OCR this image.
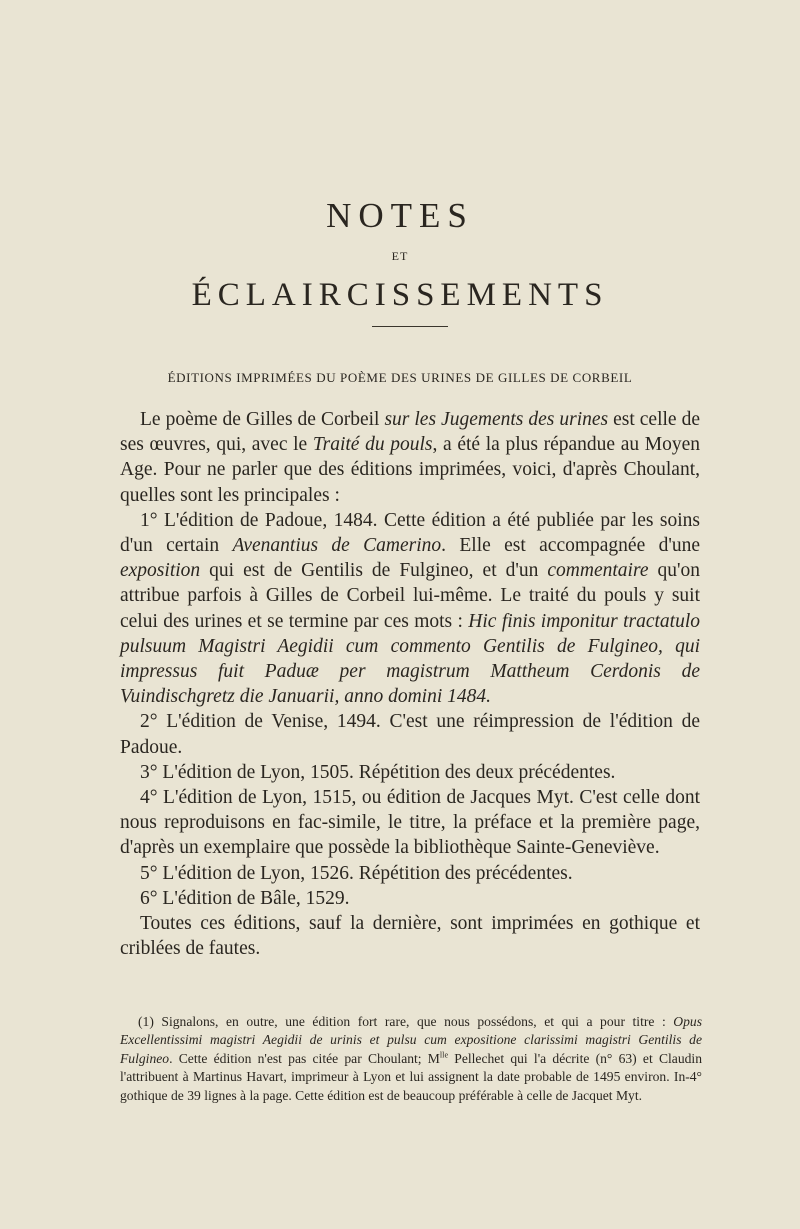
NOTES
ET
ÉCLAIRCISSEMENTS
ÉDITIONS IMPRIMÉES DU POÈME DES URINES DE GILLES DE CORBEIL

Le poème de Gilles de Corbeil sur les Jugements des urines est celle de ses œuvres, qui, avec le Traité du pouls, a été la plus répandue au Moyen Age. Pour ne parler que des éditions imprimées, voici, d'après Choulant, quelles sont les principales :

1° L'édition de Padoue, 1484. Cette édition a été publiée par les soins d'un certain Avenantius de Camerino. Elle est accompagnée d'une exposition qui est de Gentilis de Fulgineo, et d'un commentaire qu'on attribue parfois à Gilles de Corbeil lui-même. Le traité du pouls y suit celui des urines et se termine par ces mots : Hic finis imponitur tractatulo pulsuum Magistri Aegidii cum commento Gentilis de Fulgineo, qui impressus fuit Paduæ per magistrum Mattheum Cerdonis de Vuindischgretz die Januarii, anno domini 1484.

2° L'édition de Venise, 1494. C'est une réimpression de l'édition de Padoue.

3° L'édition de Lyon, 1505. Répétition des deux précédentes.

4° L'édition de Lyon, 1515, ou édition de Jacques Myt. C'est celle dont nous reproduisons en fac-simile, le titre, la préface et la première page, d'après un exemplaire que possède la bibliothèque Sainte-Geneviève.

5° L'édition de Lyon, 1526. Répétition des précédentes.

6° L'édition de Bâle, 1529.

Toutes ces éditions, sauf la dernière, sont imprimées en gothique et criblées de fautes.

(1) Signalons, en outre, une édition fort rare, que nous possédons, et qui a pour titre : Opus Excellentissimi magistri Aegidii de urinis et pulsu cum expositione clarissimi magistri Gentilis de Fulgineo. Cette édition n'est pas citée par Choulant; $M^{lle}$ Pellechet qui l'a décrite (n° 63) et Claudin l'attribuent à Martinus Havart, imprimeur à Lyon et lui assignent la date probable de 1495 environ. In-4° gothique de 39 lignes à la page. Cette édition est de beaucoup préférable à celle de Jacquet Myt.
